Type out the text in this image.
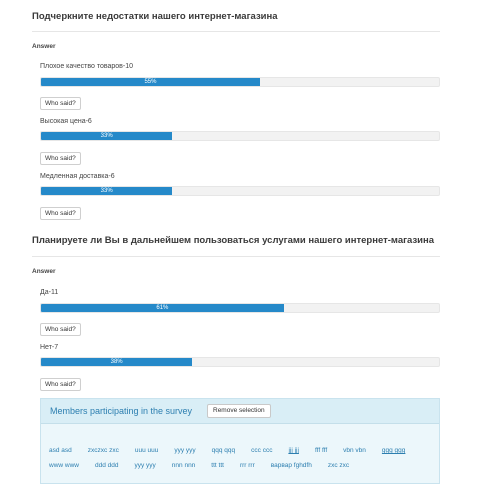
Подчеркните недостатки нашего интернет-магазина
Answer
Плохое качество товаров-10
55%
Who said?
Высокая цена-6
33%
Who said?
Медленная доставка-6
33%
Who said?
Планируете ли Вы в дальнейшем пользоваться услугами нашего интернет-магазина
Answer
Да-11
61%
Who said?
Нет-7
38%
Who said?
Members participating in the survey	Remove selection
asd asd zxczxc zxc uuu uuu yyy yyy qqq qqq ccc ccc jjj jjj fff fff vbn vbn ggg ggg
www www ddd ddd yyy yyy nnn nnn ttt ttt rrr rrr варвар fghdfh zxc zxc
